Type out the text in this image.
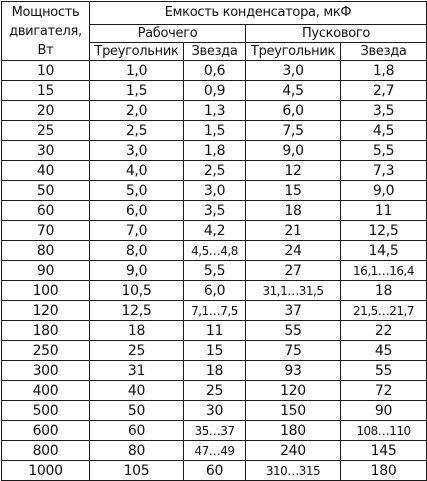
Мощность двигателя, Вт	Емкость конденсатора, мкФ			
	Рабочего		Пускового	
	Треугольник	Звезда	Треугольник	Звезда
10	1,0	0,6	3,0	1,8
15	1,5	0,9	4,5	2,7
20	2,0	1,3	6,0	3,5
25	2,5	1,5	7,5	4,5
30	3,0	1,8	9,0	5,5
40	4,0	2,5	12	7,3
50	5,0	3,0	15	9,0
60	6,0	3,5	18	11
70	7,0	4,2	21	12,5
80	8,0	4,5…4,8	24	14,5
90	9,0	5,5	27	16,1…16,4
100	10,5	6,0	31,1…31,5	18
120	12,5	7,1…7,5	37	21,5…21,7
180	18	11	55	22
250	25	15	75	45
300	31	18	93	55
400	40	25	120	72
500	50	30	150	90
600	60	35…37	180	108…110
800	80	47…49	240	145
1000	105	60	310…315	180
